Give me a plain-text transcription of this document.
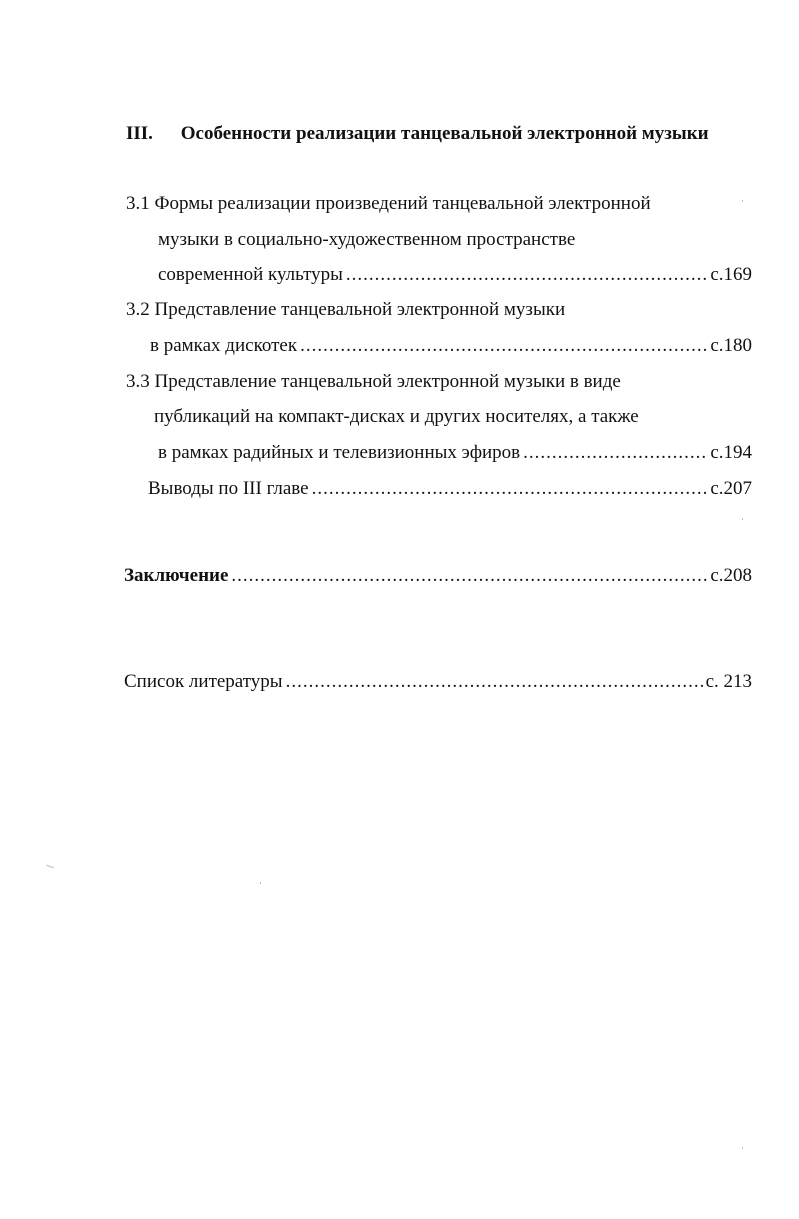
III. Особенности реализации танцевальной электронной музыки
3.1 Формы реализации произведений танцевальной электронной
музыки в социально-художественном пространстве
современной культуры .....	с.169
3.2 Представление танцевальной электронной музыки
в рамках дискотек .....	с.180
3.3 Представление танцевальной электронной музыки в виде
публикаций на компакт-дисках и других носителях, а также
в рамках радийных и телевизионных эфиров .....	с.194
Выводы по III главе .....	с.207
Заключение .....	с.208
Список литературы .....	с. 213
